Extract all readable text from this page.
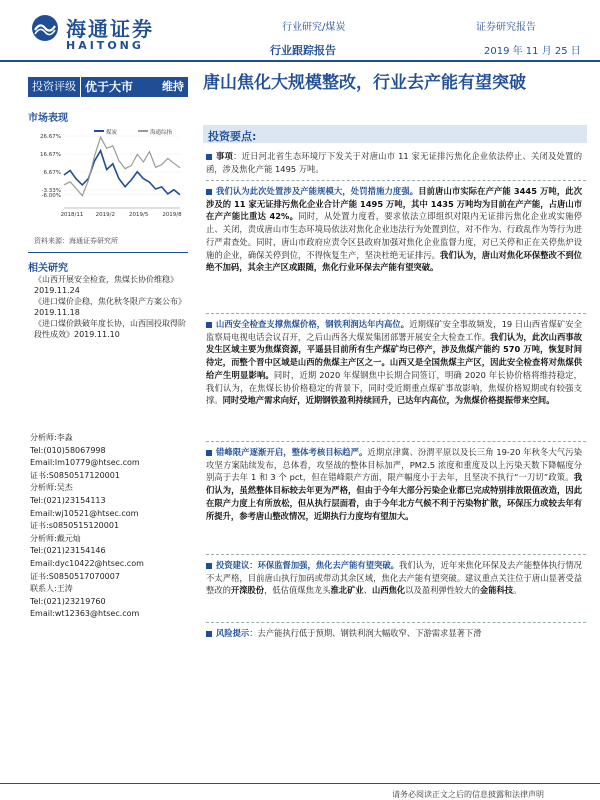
海通证券
HAITONG
行业研究/煤炭	证券研究报告
行业跟踪报告	2019 年 11 月 25 日
投资评级 优于大市	维持 唐山焦化大规模整改，行业去产能有望突破
市场表现
煤炭	海通综指
26.67%
16.67%
6.67%
-3.33%
-6.00%
2018/11 2019/2	2019/5	2019/8
资料来源：海通证券研究所
相关研究
《山西开展安全检查，焦煤长协价维稳》2019.11.24
《进口煤价企稳，焦化秋冬限产方案公布》2019.11.18
《进口煤价跌破年度长协，山西国投取得阶段性成效》2019.11.10
分析师:李淼
Tel:(010)58067998
Email:lm10779@htsec.com
证书:S0850517120001
分析师:吴杰
Tel:(021)23154113
Email:wj10521@htsec.com
证书:s0850515120001
分析师:戴元灿
Tel:(021)23154146
Email:dyc10422@htsec.com
证书:S0850517070007
联系人:王涛
Tel:(021)23219760
Email:wt12363@htsec.com
投资要点:
事项：近日河北省生态环境厅下发关于对唐山市 11 家无证排污焦化企业依法停止、关闭及处置的函，涉及焦化产能 1495 万吨。
我们认为此次处置涉及产能规模大，处罚措施力度强。目前唐山市实际在产产能 3445 万吨，此次涉及的 11 家无证排污焦化企业合计产能 1495 万吨，其中 1435 万吨均为目前在产产能，占唐山市在产产能比重达 42%。同时，从处置力度看，要求依法立即组织对限内无证排污焦化企业或实施停止、关闭，责成唐山市生态环境局依法对焦化企业违法行为处置到位，对不作为、行政乱作为等行为进行严肃查处。同时，唐山市政府应责令区县政府加强对焦化企业监督力度，对已关停和正在关停焦炉设施的企业，确保关停到位，不得恢复生产，坚决杜绝无证排污。我们认为，唐山对焦化环保整改不到位绝不加码，其余主产区或跟随，焦化行业环保去产能有望突破。
山西安全检查支撑焦煤价格，钢铁利润达年内高位。近期煤矿安全事故频发，19 日山西省煤矿安全监察局电视电话会议召开，之后山西各大煤炭集团部署开展安全大检查工作。我们认为，此次山西事故发生区域主要为焦煤资源，平遥县目前所有生产煤矿均已停产，涉及焦煤产能约 570 万吨，恢复时间待定，而整个晋中区域是山西的焦煤主产区之一。山西又是全国焦煤主产区，因此安全检查将对焦煤供给产生明显影响。同时，近期 2020 年煤钢焦中长期合同签订，明确 2020 年长协价格将维持稳定，我们认为，在焦煤长协价格稳定的背景下，同时受近期重点煤矿事故影响，焦煤价格短期或有较强支撑。同时受地产需求向好，近期钢铁盈利持续回升，已达年内高位，为焦煤价格提振带来空间。
错峰限产逐渐开启，整体考核目标趋严。近期京津冀、汾渭平原以及长三角 19-20 年秋冬大气污染攻坚方案陆续发布，总体看，攻坚战的整体目标加严，PM2.5 浓度和重度及以上污染天数下降幅度分别高于去年 1 和 3 个 pct，但在错峰限产方面，限产幅度小于去年，且坚决不执行“一刀切”政策。我们认为，虽然整体目标较去年更为严格，但由于今年大部分污染企业都已完成特别排放限值改造，因此在限产力度上有所放松，但从执行层面看，由于今年北方气候不利于污染物扩散，环保压力或较去年有所提升，参考唐山整改情况，近期执行力度均有望加大。
投资建议：环保监督加强，焦化去产能有望突破。我们认为，近年来焦化环保及去产能整体执行情况不太严格，目前唐山执行加码或带动其余区域，焦化去产能有望突破。建议重点关注位于唐山显著受益整改的开滦股份，低估值煤焦龙头淮北矿业、山西焦化以及盈利弹性较大的金能科技。
风险提示：去产能执行低于预期、钢铁利润大幅收窄、下游需求显著下滑
请务必阅读正文之后的信息披露和法律声明
